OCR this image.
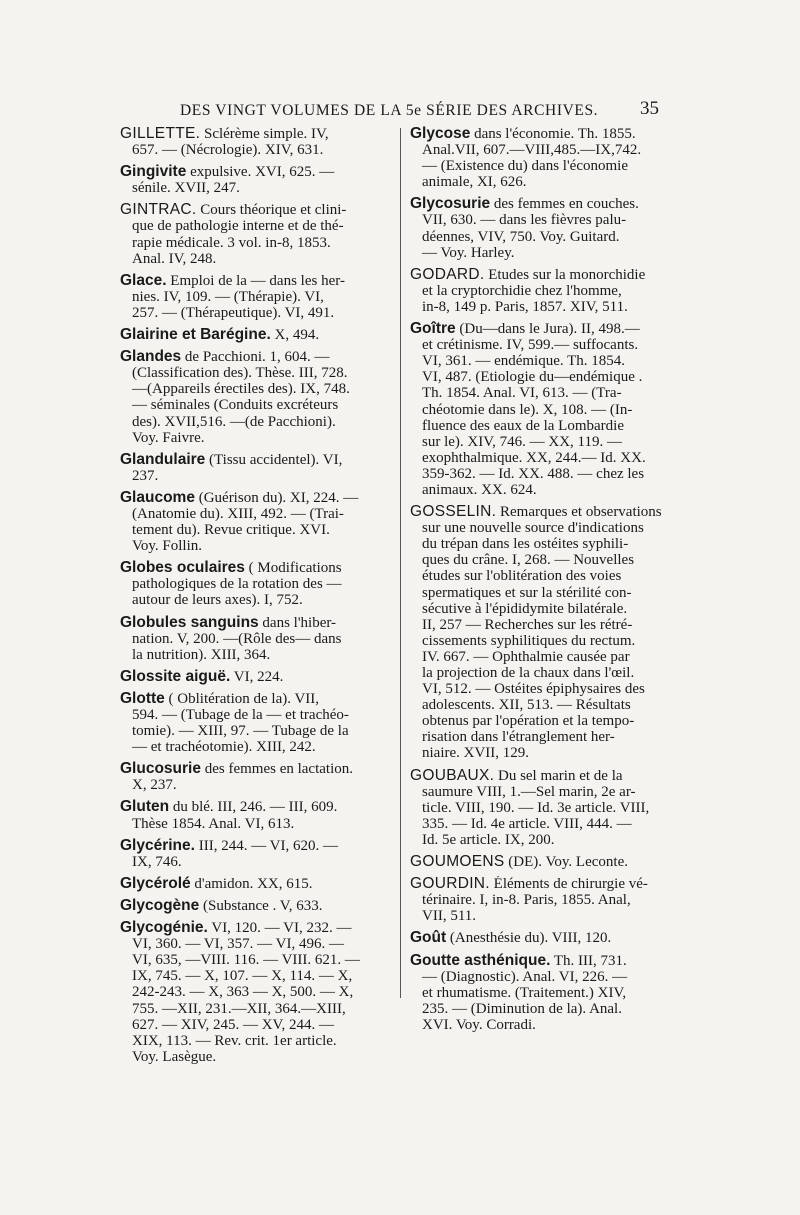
DES VINGT VOLUMES DE LA 5e SÉRIE DES ARCHIVES. 35
GILLETTE. Sclérème simple. IV,
657. — (Nécrologie). XIV, 631.
Gingivite expulsive. XVI, 625. —
sénile. XVII, 247.
GINTRAC. Cours théorique et clini-
que de pathologie interne et de thé-
rapie médicale. 3 vol. in-8, 1853.
Anal. IV, 248.
Glace. Emploi de la — dans les her-
nies. IV, 109. — (Thérapie). VI,
257. — (Thérapeutique). VI, 491.
Glairine et Barégine. X, 494.
Glandes de Pacchioni. 1, 604. —
(Classification des). Thèse. III, 728.
—(Appareils érectiles des). IX, 748.
— séminales (Conduits excréteurs
des). XVII,516. —(de Pacchioni).
Voy. Faivre.
Glandulaire (Tissu accidentel). VI,
237.
Glaucome (Guérison du). XI, 224. —
(Anatomie du). XIII, 492. — (Trai-
tement du). Revue critique. XVI.
Voy. Follin.
Globes oculaires ( Modifications
pathologiques de la rotation des —
autour de leurs axes). I, 752.
Globules sanguins dans l'hiber-
nation. V, 200. —(Rôle des— dans
la nutrition). XIII, 364.
Glossite aiguë. VI, 224.
Glotte ( Oblitération de la). VII,
594. — (Tubage de la — et trachéo-
tomie). — XIII, 97. — Tubage de la
— et trachéotomie). XIII, 242.
Glucosurie des femmes en lactation.
X, 237.
Gluten du blé. III, 246. — III, 609.
Thèse 1854. Anal. VI, 613.
Glycérine. III, 244. — VI, 620. —
IX, 746.
Glycérolé d'amidon. XX, 615.
Glycogène (Substance . V, 633.
Glycogénie. VI, 120. — VI, 232. —
VI, 360. — VI, 357. — VI, 496. —
VI, 635, —VIII. 116. — VIII. 621. —
IX, 745. — X, 107. — X, 114. — X,
242-243. — X, 363 — X, 500. — X,
755. —XII, 231.—XII, 364.—XIII,
627. — XIV, 245. — XV, 244. —
XIX, 113. — Rev. crit. 1er article.
Voy. Lasègue.
Glycose dans l'économie. Th. 1855.
Anal.VII, 607.—VIII,485.—IX,742.
— (Existence du) dans l'économie
animale, XI, 626.
Glycosurie des femmes en couches.
VII, 630. — dans les fièvres palu-
déennes, VIV, 750. Voy. Guitard.
— Voy. Harley.
GODARD. Etudes sur la monorchidie
et la cryptorchidie chez l'homme,
in-8, 149 p. Paris, 1857. XIV, 511.
Goître (Du—dans le Jura). II, 498.—
et crétinisme. IV, 599.— suffocants.
VI, 361. — endémique. Th. 1854.
VI, 487. (Etiologie du—endémique .
Th. 1854. Anal. VI, 613. — (Tra-
chéotomie dans le). X, 108. — (In-
fluence des eaux de la Lombardie
sur le). XIV, 746. — XX, 119. —
exophthalmique. XX, 244.— Id. XX.
359-362. — Id. XX. 488. — chez les
animaux. XX. 624.
GOSSELIN. Remarques et observations
sur une nouvelle source d'indications
du trépan dans les ostéites syphili-
ques du crâne. I, 268. — Nouvelles
études sur l'oblitération des voies
spermatiques et sur la stérilité con-
sécutive à l'épididymite bilatérale.
II, 257 — Recherches sur les rétré-
cissements syphilitiques du rectum.
IV. 667. — Ophthalmie causée par
la projection de la chaux dans l'œil.
VI, 512. — Ostéites épiphysaires des
adolescents. XII, 513. — Résultats
obtenus par l'opération et la tempo-
risation dans l'étranglement her-
niaire. XVII, 129.
GOUBAUX. Du sel marin et de la
saumure VIII, 1.—Sel marin, 2e ar-
ticle. VIII, 190. — Id. 3e article. VIII,
335. — Id. 4e article. VIII, 444. —
Id. 5e article. IX, 200.
GOUMOENS (DE). Voy. Leconte.
GOURDIN. Éléments de chirurgie vé-
térinaire. I, in-8. Paris, 1855. Anal,
VII, 511.
Goût (Anesthésie du). VIII, 120.
Goutte asthénique. Th. III, 731.
— (Diagnostic). Anal. VI, 226. —
et rhumatisme. (Traitement.) XIV,
235. — (Diminution de la). Anal.
XVI. Voy. Corradi.
